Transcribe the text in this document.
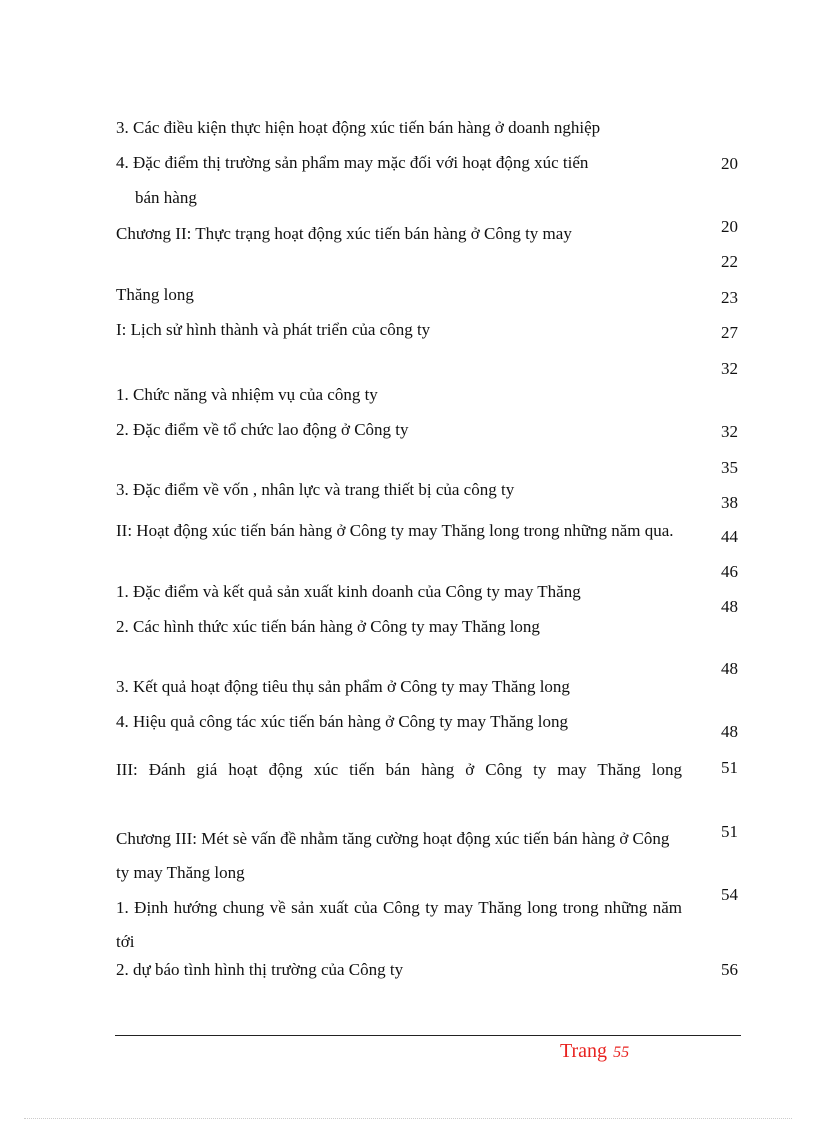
3. Các điều kiện thực hiện hoạt động xúc tiến bán hàng ở doanh nghiệp
4. Đặc điểm thị trường sản phẩm may mặc đối với hoạt động xúc tiến
bán hàng
Chương II: Thực trạng hoạt động xúc tiến bán hàng ở Công ty may
Thăng long
I: Lịch sử hình thành và phát triển của công ty
1. Chức năng và nhiệm vụ của công ty
2. Đặc điểm về tổ chức lao động ở Công ty
3. Đặc điểm về vốn , nhân lực và trang thiết bị của công ty
II: Hoạt động xúc tiến bán hàng ở Công ty may Thăng long trong những năm qua.
1. Đặc điểm và kết quả sản xuất kinh doanh của Công ty may Thăng
2. Các hình thức xúc tiến bán hàng ở Công ty may Thăng long
3. Kết quả hoạt động tiêu thụ sản phẩm ở Công ty may Thăng long
4. Hiệu quả công tác xúc tiến bán hàng ở Công ty may Thăng long
III: Đánh giá hoạt động xúc tiến bán hàng ở Công ty may Thăng long
Chương III: Mét sè vấn đề nhằm tăng cường hoạt động xúc tiến bán hàng ở Công ty may Thăng long
1. Định hướng chung về sản xuất của Công ty may Thăng long trong những năm tới
2. dự báo tình hình thị trường của Công ty
20
20
22
23
27
32
32
35
38
44
46
48
48
48
51
51
54
56
Trang 55
